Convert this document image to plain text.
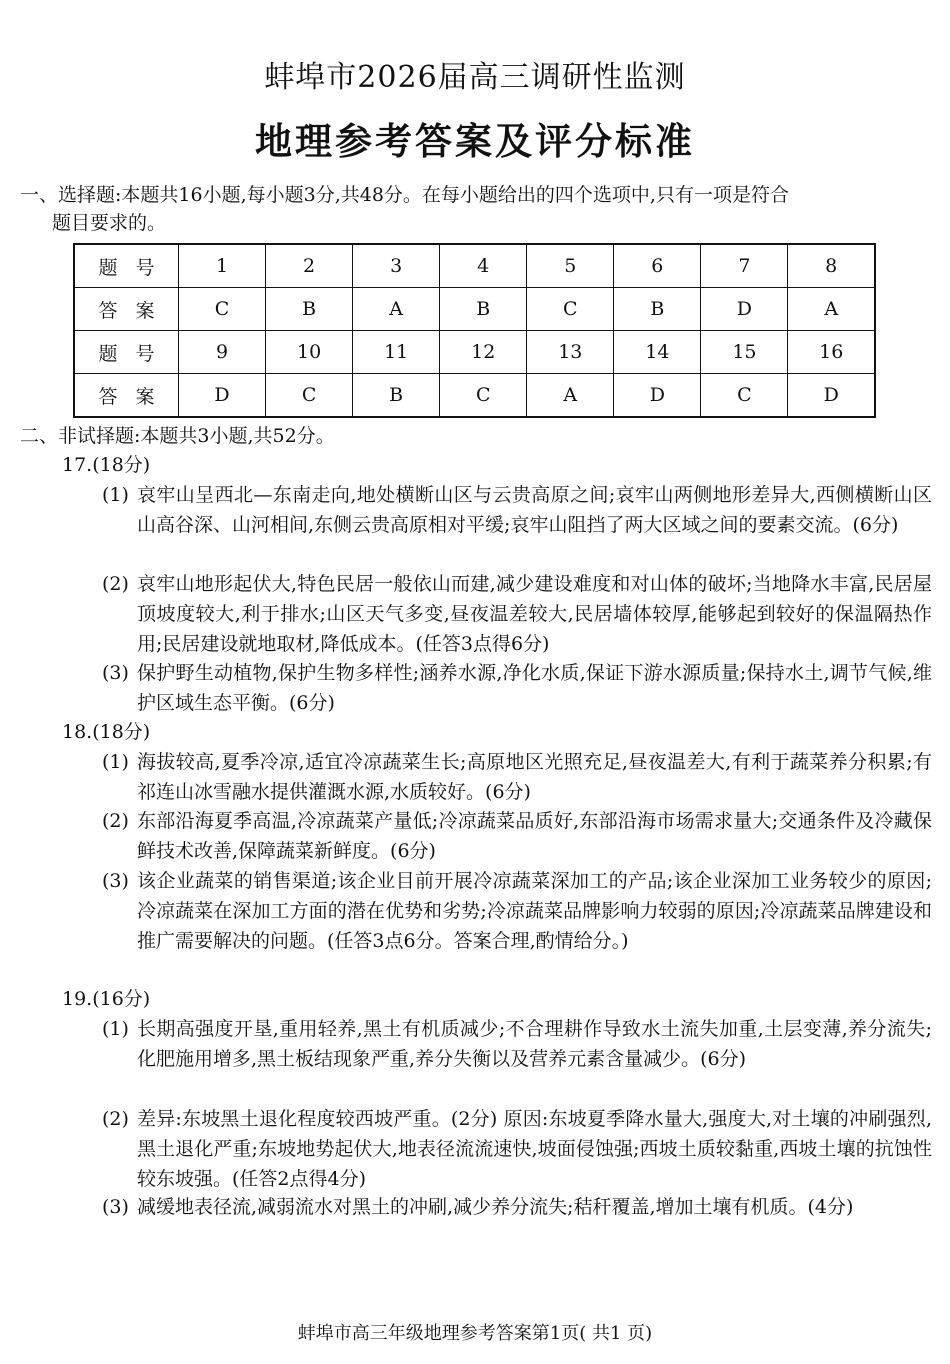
蚌埠市2026届高三调研性监测
地理参考答案及评分标准
一、选择题:本题共16小题,每小题3分,共48分。在每小题给出的四个选项中,只有一项是符合
题目要求的。
题号	1	2	3	4	5	6	7	8
答案	C	B	A	B	C	B	D	A
题号	9	10	11	12	13	14	15	16
答案	D	C	B	C	A	D	C	D
二、非试择题:本题共3小题,共52分。
17.(18分)
(1) 哀牢山呈西北—东南走向,地处横断山区与云贵高原之间;哀牢山两侧地形差异大,西侧横断山区山高谷深、山河相间,东侧云贵高原相对平缓;哀牢山阻挡了两大区域之间的要素交流。(6分)
(2) 哀牢山地形起伏大,特色民居一般依山而建,减少建设难度和对山体的破坏;当地降水丰富,民居屋顶坡度较大,利于排水;山区天气多变,昼夜温差较大,民居墙体较厚,能够起到较好的保温隔热作用;民居建设就地取材,降低成本。(任答3点得6分)
(3) 保护野生动植物,保护生物多样性;涵养水源,净化水质,保证下游水源质量;保持水土,调节气候,维护区域生态平衡。(6分)
18.(18分)
(1) 海拔较高,夏季冷凉,适宜冷凉蔬菜生长;高原地区光照充足,昼夜温差大,有利于蔬菜养分积累;有祁连山冰雪融水提供灌溉水源,水质较好。(6分)
(2) 东部沿海夏季高温,冷凉蔬菜产量低;冷凉蔬菜品质好,东部沿海市场需求量大;交通条件及冷藏保鲜技术改善,保障蔬菜新鲜度。(6分)
(3) 该企业蔬菜的销售渠道;该企业目前开展冷凉蔬菜深加工的产品;该企业深加工业务较少的原因;冷凉蔬菜在深加工方面的潜在优势和劣势;冷凉蔬菜品牌影响力较弱的原因;冷凉蔬菜品牌建设和推广需要解决的问题。(任答3点6分。答案合理,酌情给分。)
19.(16分)
(1) 长期高强度开垦,重用轻养,黑土有机质减少;不合理耕作导致水土流失加重,土层变薄,养分流失;化肥施用增多,黑土板结现象严重,养分失衡以及营养元素含量减少。(6分)
(2) 差异:东坡黑土退化程度较西坡严重。(2分) 原因:东坡夏季降水量大,强度大,对土壤的冲刷强烈,黑土退化严重;东坡地势起伏大,地表径流流速快,坡面侵蚀强;西坡土质较黏重,西坡土壤的抗蚀性较东坡强。(任答2点得4分)
(3) 减缓地表径流,减弱流水对黑土的冲刷,减少养分流失;秸秆覆盖,增加土壤有机质。(4分)
蚌埠市高三年级地理参考答案第1页( 共1 页)
